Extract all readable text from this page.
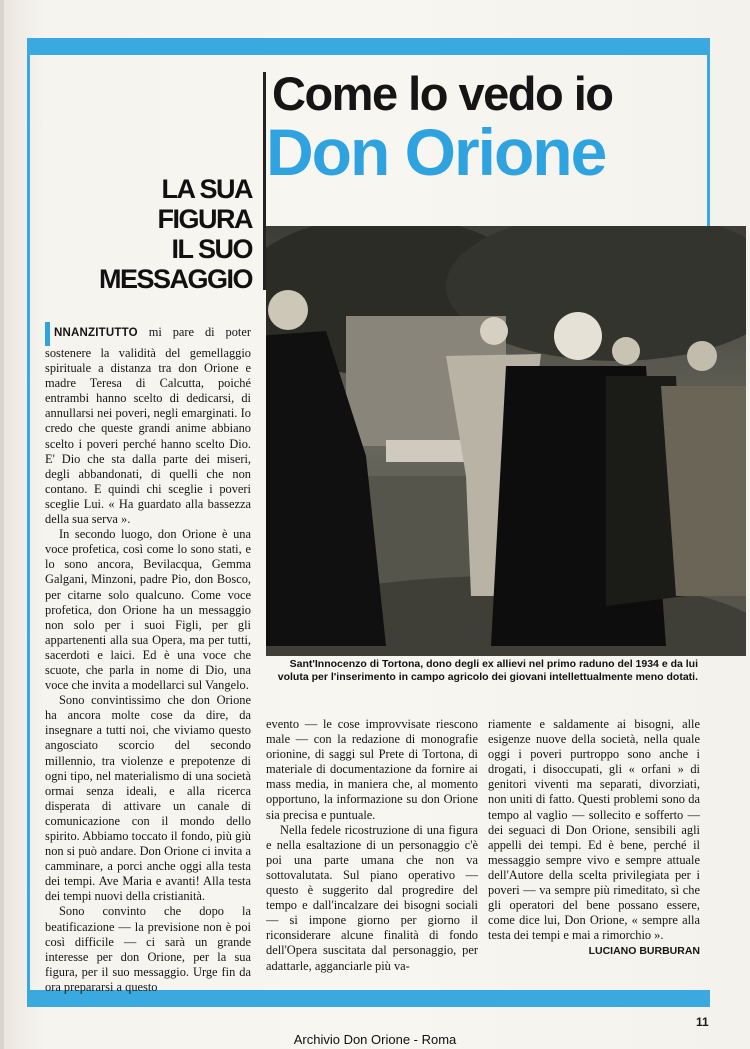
Come lo vedo io
Don Orione
LA SUA
FIGURA
IL SUO
MESSAGGIO
Sant'Innocenzo di Tortona, dono degli ex allievi nel primo raduno del 1934 e da lui voluta per l'inserimento in campo agricolo dei giovani intellettualmente meno dotati.

NNANZITUTTO mi pare di poter sostenere la validità del gemellaggio spirituale a distanza tra don Orione e madre Teresa di Calcutta, poiché entrambi hanno scelto di dedicarsi, di annullarsi nei poveri, negli emarginati. Io credo che queste grandi anime abbiano scelto i poveri perché hanno scelto Dio. E' Dio che sta dalla parte dei miseri, degli abbandonati, di quelli che non contano. E quindi chi sceglie i poveri sceglie Lui. « Ha guardato alla bassezza della sua serva ».

In secondo luogo, don Orione è una voce profetica, così come lo sono stati, e lo sono ancora, Bevilacqua, Gemma Galgani, Minzoni, padre Pio, don Bosco, per citarne solo qualcuno. Come voce profetica, don Orione ha un messaggio non solo per i suoi Figli, per gli appartenenti alla sua Opera, ma per tutti, sacerdoti e laici. Ed è una voce che scuote, che parla in nome di Dio, una voce che invita a modellarci sul Vangelo.

Sono convintissimo che don Orione ha ancora molte cose da dire, da insegnare a tutti noi, che viviamo questo angosciato scorcio del secondo millennio, tra violenze e prepotenze di ogni tipo, nel materialismo di una società ormai senza ideali, e alla ricerca disperata di attivare un canale di comunicazione con il mondo dello spirito. Abbiamo toccato il fondo, più giù non si può andare. Don Orione ci invita a camminare, a porci anche oggi alla testa dei tempi. Ave Maria e avanti! Alla testa dei tempi nuovi della cristianità.

Sono convinto che dopo la beatificazione — la previsione non è poi così difficile — ci sarà un grande interesse per don Orione, per la sua figura, per il suo messaggio. Urge fin da ora prepararsi a questo

evento — le cose improvvisate riescono male — con la redazione di monografie orionine, di saggi sul Prete di Tortona, di materiale di documentazione da fornire ai mass media, in maniera che, al momento opportuno, la informazione su don Orione sia precisa e puntuale.

Nella fedele ricostruzione di una figura e nella esaltazione di un personaggio c'è poi una parte umana che non va sottovalutata. Sul piano operativo — questo è suggerito dal progredire del tempo e dall'incalzare dei bisogni sociali — si impone giorno per giorno il riconsiderare alcune finalità di fondo dell'Opera suscitata dal personaggio, per adattarle, agganciarle più va-

riamente e saldamente ai bisogni, alle esigenze nuove della società, nella quale oggi i poveri purtroppo sono anche i drogati, i disoccupati, gli « orfani » di genitori viventi ma separati, divorziati, non uniti di fatto. Questi problemi sono da tempo al vaglio — sollecito e sofferto — dei seguaci di Don Orione, sensibili agli appelli dei tempi. Ed è bene, perché il messaggio sempre vivo e sempre attuale dell'Autore della scelta privilegiata per i poveri — va sempre più rimeditato, sì che gli operatori del bene possano essere, come dice lui, Don Orione, « sempre alla testa dei tempi e mai a rimorchio ».

LUCIANO BURBURAN
11
Archivio Don Orione - Roma
